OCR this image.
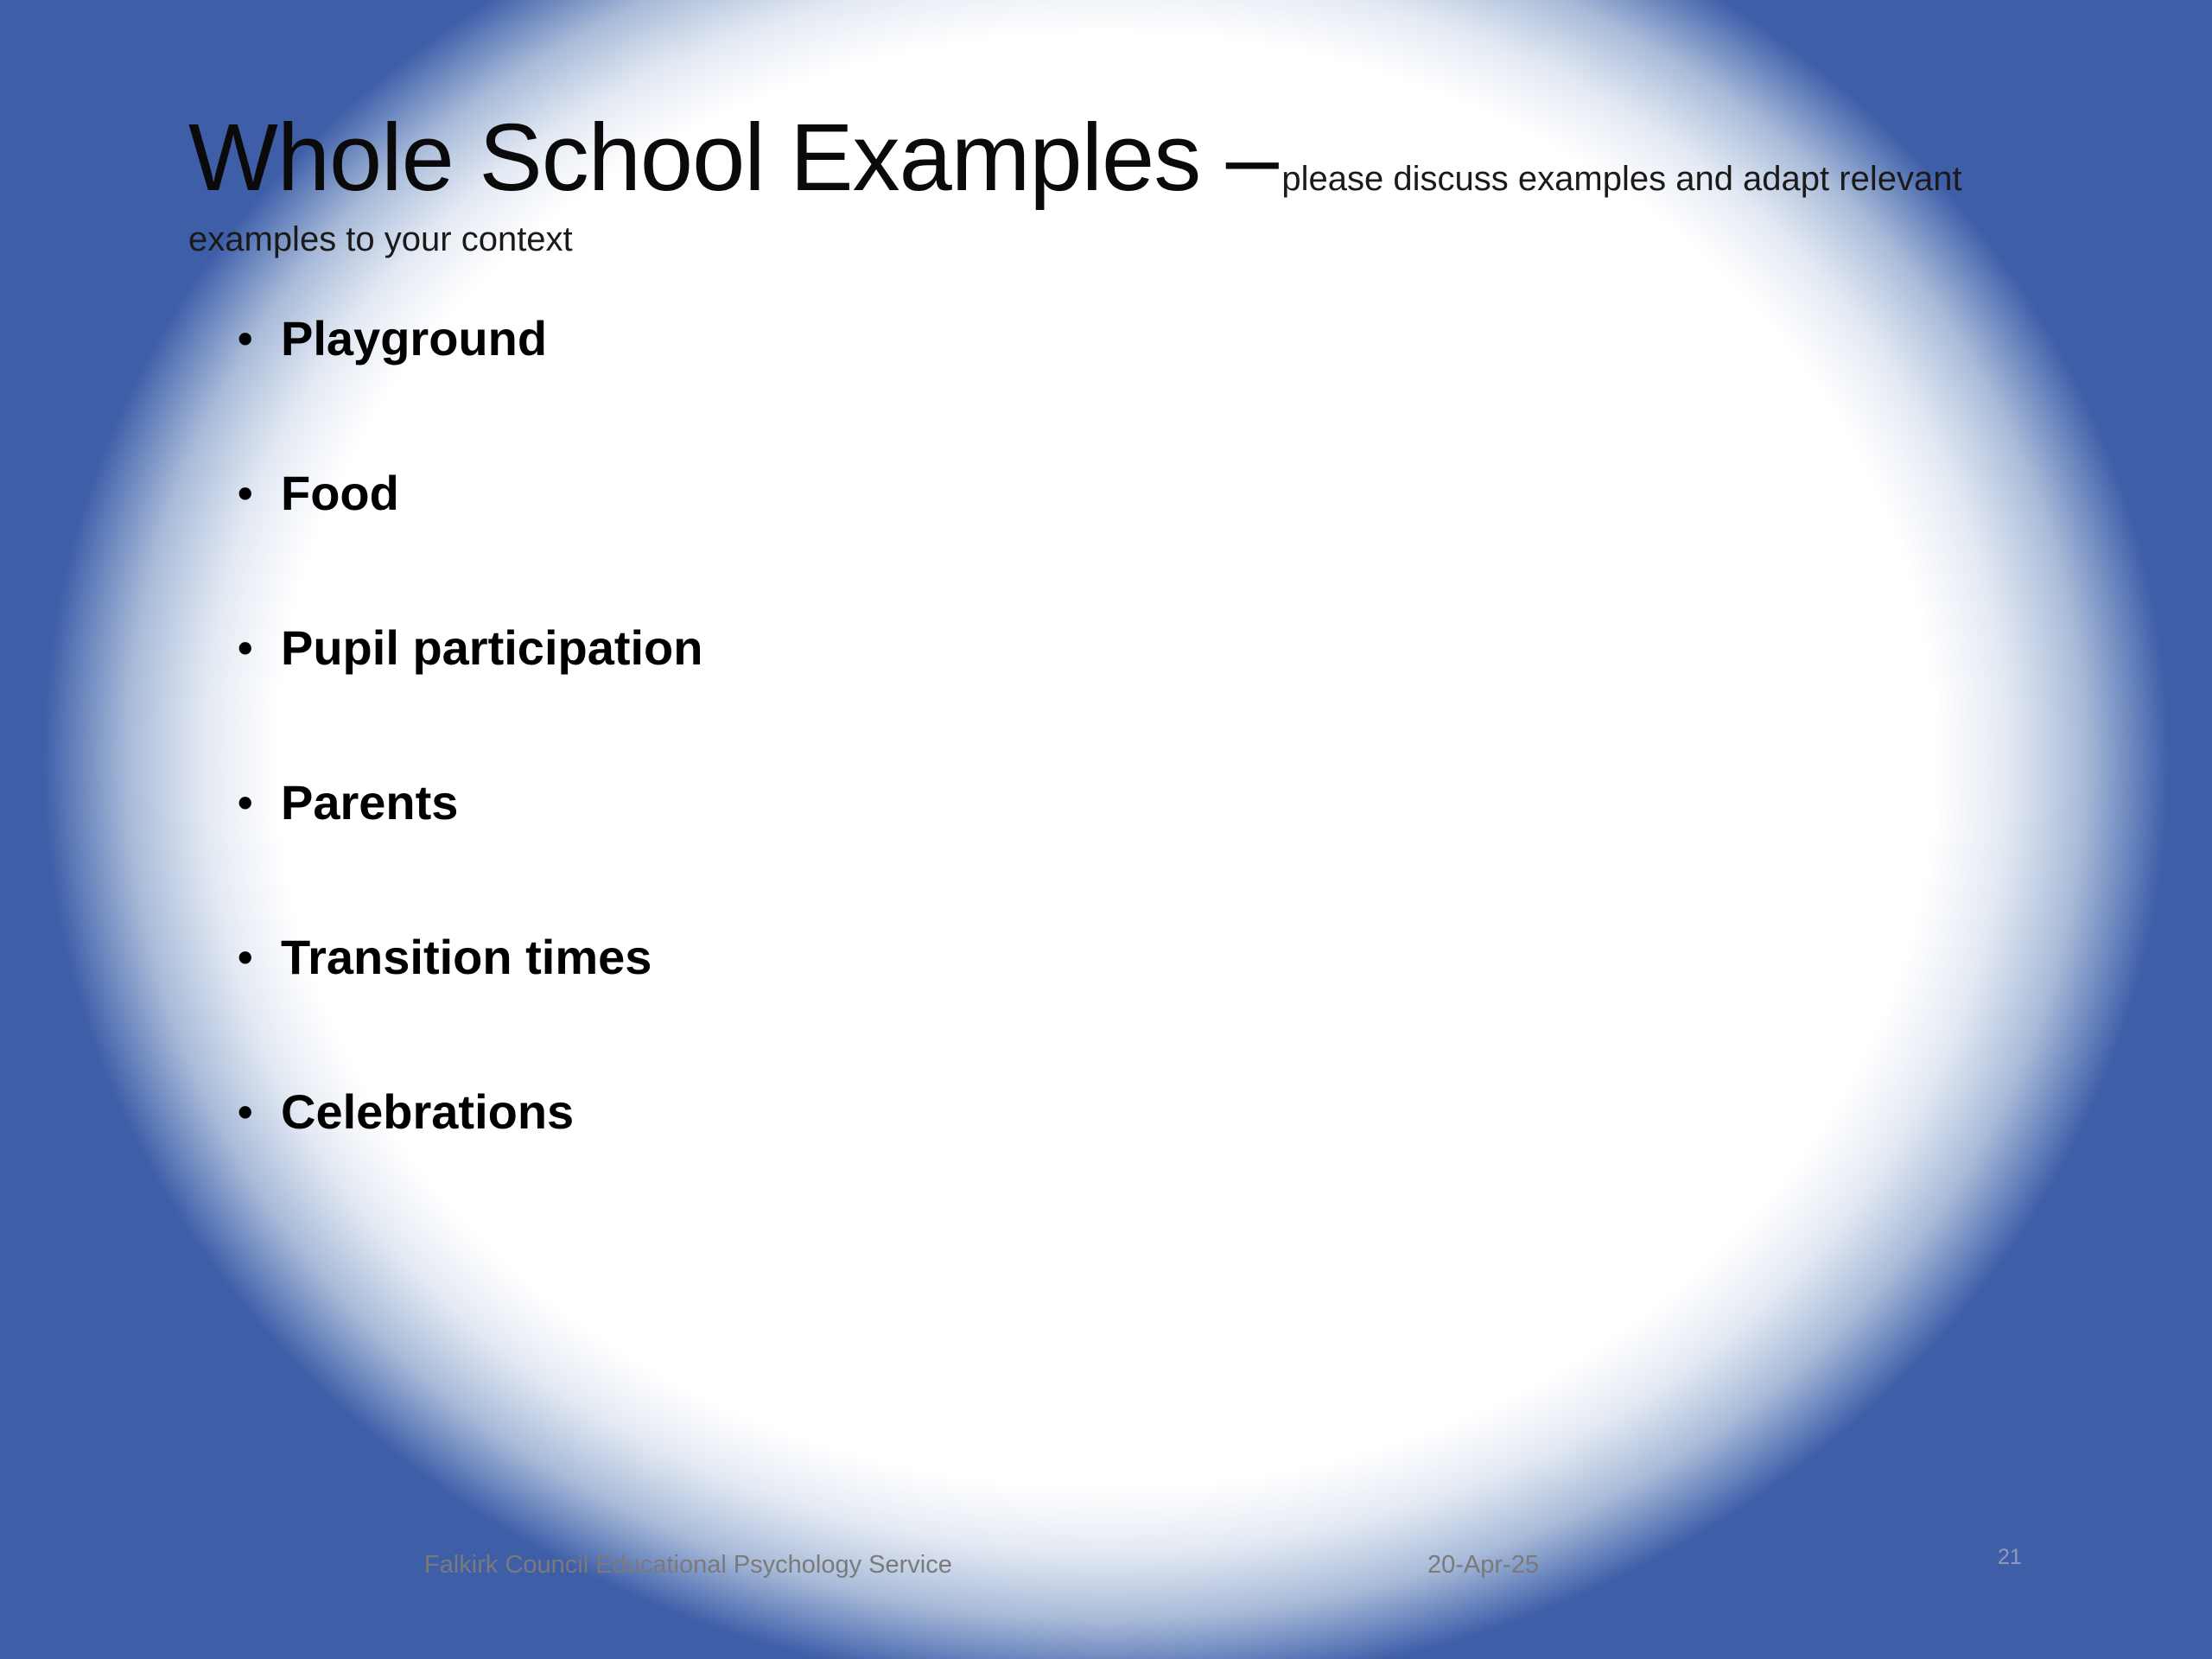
Whole School Examples – please discuss examples and adapt relevant
examples to your context
• Playground
• Food
• Pupil participation
• Parents
• Transition times
• Celebrations
Falkirk Council Educational Psychology Service	20-Apr-25	21
